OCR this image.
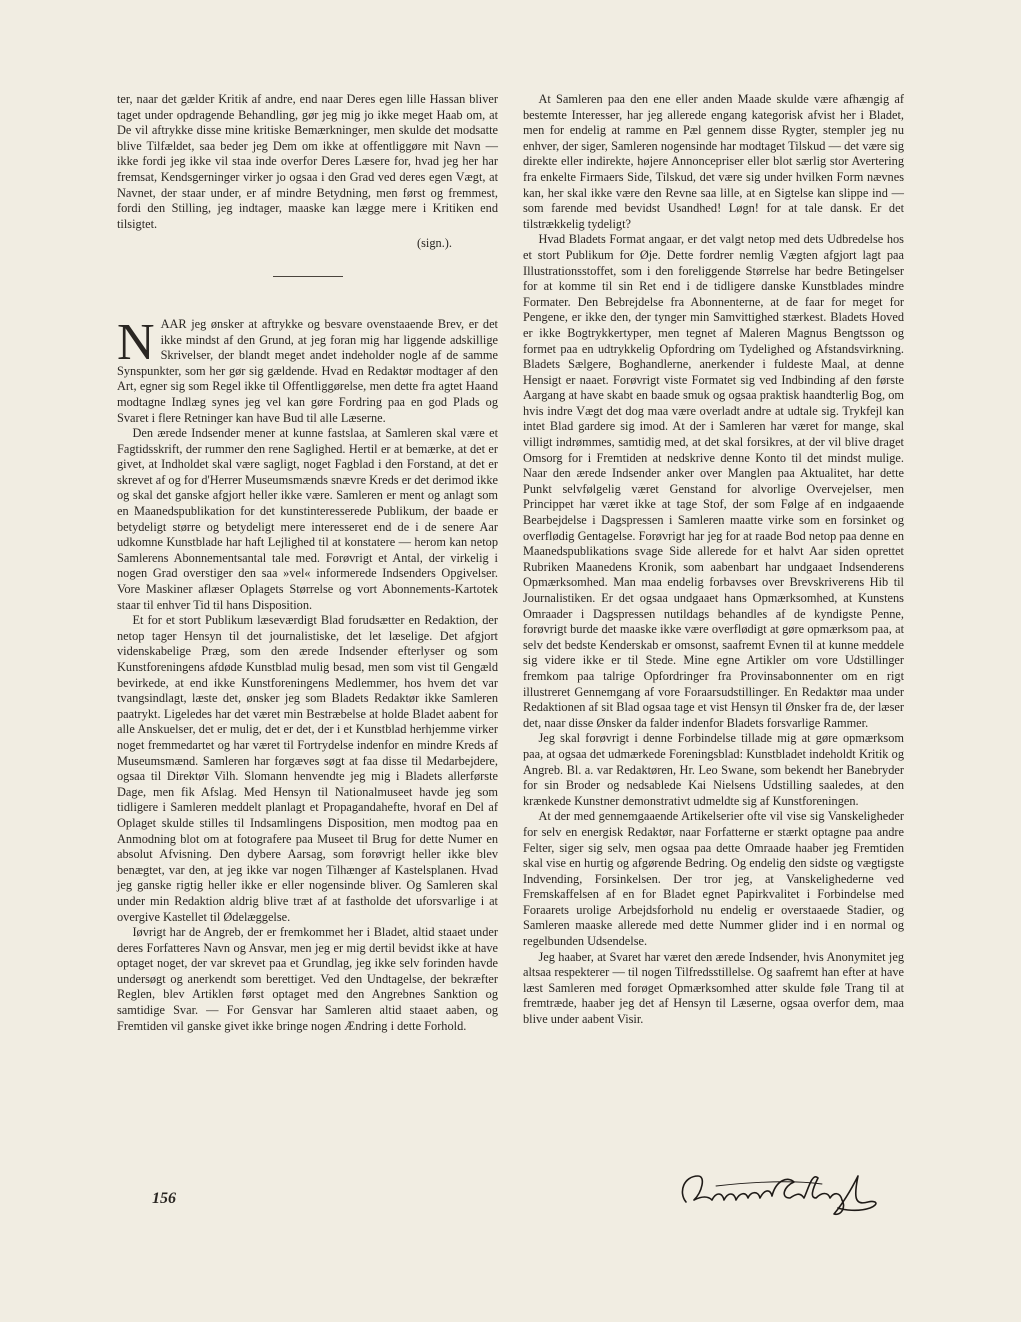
ter, naar det gælder Kritik af andre, end naar Deres egen lille Hassan bliver taget under opdragende Behandling, gør jeg mig jo ikke meget Haab om, at De vil aftrykke disse mine kritiske Bemærkninger, men skulde det modsatte blive Tilfældet, saa beder jeg Dem om ikke at offentliggøre mit Navn — ikke fordi jeg ikke vil staa inde overfor Deres Læsere for, hvad jeg her har fremsat, Kendsgerninger virker jo ogsaa i den Grad ved deres egen Vægt, at Navnet, der staar under, er af mindre Betydning, men først og fremmest, fordi den Stilling, jeg indtager, maaske kan lægge mere i Kritiken end tilsigtet.

(sign.).

NAAR jeg ønsker at aftrykke og besvare ovenstaaende Brev, er det ikke mindst af den Grund, at jeg foran mig har liggende adskillige Skrivelser, der blandt meget andet indeholder nogle af de samme Synspunkter, som her gør sig gældende. Hvad en Redaktør modtager af den Art, egner sig som Regel ikke til Offentliggørelse, men dette fra agtet Haand modtagne Indlæg synes jeg vel kan gøre Fordring paa en god Plads og Svaret i flere Retninger kan have Bud til alle Læserne.

Den ærede Indsender mener at kunne fastslaa, at Samleren skal være et Fagtidsskrift, der rummer den rene Saglighed. Hertil er at bemærke, at det er givet, at Indholdet skal være sagligt, noget Fagblad i den Forstand, at det er skrevet af og for d'Herrer Museumsmænds snævre Kreds er det derimod ikke og skal det ganske afgjort heller ikke være. Samleren er ment og anlagt som en Maanedspublikation for det kunstinteresserede Publikum, der baade er betydeligt større og betydeligt mere interesseret end de i de senere Aar udkomne Kunstblade har haft Lejlighed til at konstatere — herom kan netop Samlerens Abonnementsantal tale med. Forøvrigt et Antal, der virkelig i nogen Grad overstiger den saa »vel« informerede Indsenders Opgivelser. Vore Maskiner aflæser Oplagets Størrelse og vort Abonnements-Kartotek staar til enhver Tid til hans Disposition.

Et for et stort Publikum læseværdigt Blad forudsætter en Redaktion, der netop tager Hensyn til det journalistiske, det let læselige. Det afgjort videnskabelige Præg, som den ærede Indsender efterlyser og som Kunstforeningens afdøde Kunstblad mulig besad, men som vist til Gengæld bevirkede, at end ikke Kunstforeningens Medlemmer, hos hvem det var tvangsindlagt, læste det, ønsker jeg som Bladets Redaktør ikke Samleren paatrykt. Ligeledes har det været min Bestræbelse at holde Bladet aabent for alle Anskuelser, det er mulig, det er det, der i et Kunstblad herhjemme virker noget fremmedartet og har været til Fortrydelse indenfor en mindre Kreds af Museumsmænd. Samleren har forgæves søgt at faa disse til Medarbejdere, ogsaa til Direktør Vilh. Slomann henvendte jeg mig i Bladets allerførste Dage, men fik Afslag. Med Hensyn til Nationalmuseet havde jeg som tidligere i Samleren meddelt planlagt et Propagandahefte, hvoraf en Del af Oplaget skulde stilles til Indsamlingens Disposition, men modtog paa en Anmodning blot om at fotografere paa Museet til Brug for dette Numer en absolut Afvisning. Den dybere Aarsag, som forøvrigt heller ikke blev benægtet, var den, at jeg ikke var nogen Tilhænger af Kastelsplanen. Hvad jeg ganske rigtig heller ikke er eller nogensinde bliver. Og Samleren skal under min Redaktion aldrig blive træt af at fastholde det uforsvarlige i at overgive Kastellet til Ødelæggelse.

Iøvrigt har de Angreb, der er fremkommet her i Bladet, altid staaet under deres Forfatteres Navn og Ansvar, men jeg er mig dertil bevidst ikke at have optaget noget, der var skrevet paa et Grundlag, jeg ikke selv forinden havde undersøgt og anerkendt som berettiget. Ved den Undtagelse, der bekræfter Reglen, blev Artiklen først optaget med den Angrebnes Sanktion og samtidige Svar. — For Gensvar har Samleren altid staaet aaben, og Fremtiden vil ganske givet ikke bringe nogen Ændring i dette Forhold.

At Samleren paa den ene eller anden Maade skulde være afhængig af bestemte Interesser, har jeg allerede engang kategorisk afvist her i Bladet, men for endelig at ramme en Pæl gennem disse Rygter, stempler jeg nu enhver, der siger, Samleren nogensinde har modtaget Tilskud — det være sig direkte eller indirekte, højere Annoncepriser eller blot særlig stor Avertering fra enkelte Firmaers Side, Tilskud, det være sig under hvilken Form nævnes kan, her skal ikke være den Revne saa lille, at en Sigtelse kan slippe ind — som farende med bevidst Usandhed! Løgn! for at tale dansk. Er det tilstrækkelig tydeligt?

Hvad Bladets Format angaar, er det valgt netop med dets Udbredelse hos et stort Publikum for Øje. Dette fordrer nemlig Vægten afgjort lagt paa Illustrationsstoffet, som i den foreliggende Størrelse har bedre Betingelser for at komme til sin Ret end i de tidligere danske Kunstblades mindre Formater. Den Bebrejdelse fra Abonnenterne, at de faar for meget for Pengene, er ikke den, der tynger min Samvittighed stærkest. Bladets Hoved er ikke Bogtrykkertyper, men tegnet af Maleren Magnus Bengtsson og formet paa en udtrykkelig Opfordring om Tydelighed og Afstandsvirkning. Bladets Sælgere, Boghandlerne, anerkender i fuldeste Maal, at denne Hensigt er naaet. Forøvrigt viste Formatet sig ved Indbinding af den første Aargang at have skabt en baade smuk og ogsaa praktisk haandterlig Bog, om hvis indre Vægt det dog maa være overladt andre at udtale sig. Trykfejl kan intet Blad gardere sig imod. At der i Samleren har været for mange, skal villigt indrømmes, samtidig med, at det skal forsikres, at der vil blive draget Omsorg for i Fremtiden at nedskrive denne Konto til det mindst mulige. Naar den ærede Indsender anker over Manglen paa Aktualitet, har dette Punkt selvfølgelig været Genstand for alvorlige Overvejelser, men Princippet har været ikke at tage Stof, der som Følge af en indgaaende Bearbejdelse i Dagspressen i Samleren maatte virke som en forsinket og overflødig Gentagelse. Forøvrigt har jeg for at raade Bod netop paa denne en Maanedspublikations svage Side allerede for et halvt Aar siden oprettet Rubriken Maanedens Kronik, som aabenbart har undgaaet Indsenderens Opmærksomhed. Man maa endelig forbavses over Brevskriverens Hib til Journalistiken. Er det ogsaa undgaaet hans Opmærksomhed, at Kunstens Omraader i Dagspressen nutildags behandles af de kyndigste Penne, forøvrigt burde det maaske ikke være overflødigt at gøre opmærksom paa, at selv det bedste Kenderskab er omsonst, saafremt Evnen til at kunne meddele sig videre ikke er til Stede. Mine egne Artikler om vore Udstillinger fremkom paa talrige Opfordringer fra Provinsabonnenter om en rigt illustreret Gennemgang af vore Foraarsudstillinger. En Redaktør maa under Redaktionen af sit Blad ogsaa tage et vist Hensyn til Ønsker fra de, der læser det, naar disse Ønsker da falder indenfor Bladets forsvarlige Rammer.

Jeg skal forøvrigt i denne Forbindelse tillade mig at gøre opmærksom paa, at ogsaa det udmærkede Foreningsblad: Kunstbladet indeholdt Kritik og Angreb. Bl. a. var Redaktøren, Hr. Leo Swane, som bekendt her Banebryder for sin Broder og nedsablede Kai Nielsens Udstilling saaledes, at den krænkede Kunstner demonstrativt udmeldte sig af Kunstforeningen.

At der med gennemgaaende Artikelserier ofte vil vise sig Vanskeligheder for selv en energisk Redaktør, naar Forfatterne er stærkt optagne paa andre Felter, siger sig selv, men ogsaa paa dette Omraade haaber jeg Fremtiden skal vise en hurtig og afgørende Bedring. Og endelig den sidste og vægtigste Indvending, Forsinkelsen. Der tror jeg, at Vanskelighederne ved Fremskaffelsen af en for Bladet egnet Papirkvalitet i Forbindelse med Foraarets urolige Arbejdsforhold nu endelig er overstaaede Stadier, og Samleren maaske allerede med dette Nummer glider ind i en normal og regelbunden Udsendelse.

Jeg haaber, at Svaret har været den ærede Indsender, hvis Anonymitet jeg altsaa respekterer — til nogen Tilfredsstillelse. Og saafremt han efter at have læst Samleren med forøget Opmærksomhed atter skulde føle Trang til at fremtræde, haaber jeg det af Hensyn til Læserne, ogsaa overfor dem, maa blive under aabent Visir.

156
